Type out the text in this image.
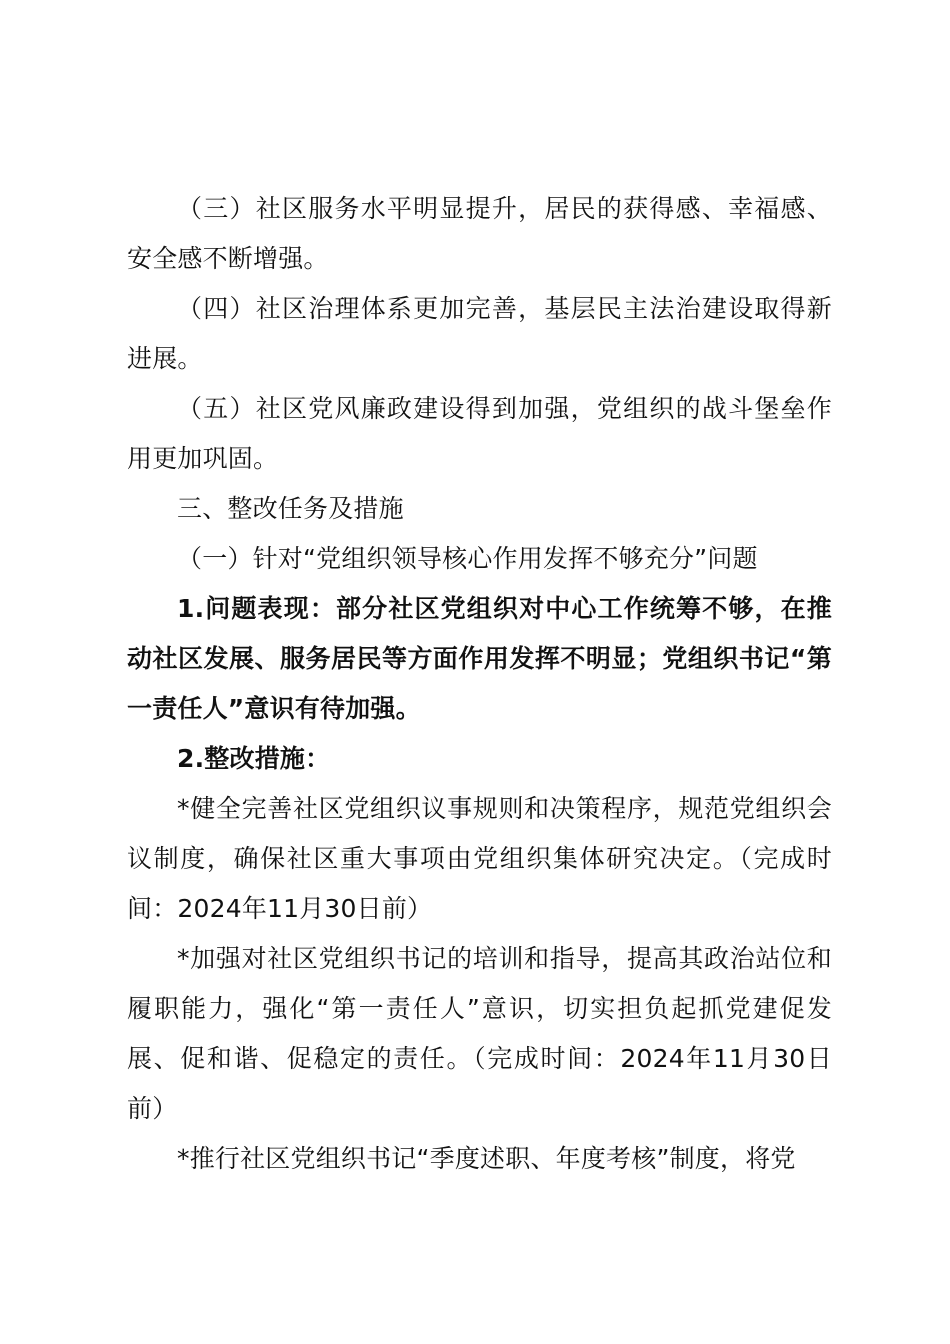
（三）社区服务水平明显提升，居民的获得感、幸福感、安全感不断增强。

（四）社区治理体系更加完善，基层民主法治建设取得新进展。

（五）社区党风廉政建设得到加强，党组织的战斗堡垒作用更加巩固。

三、整改任务及措施

（一）针对“党组织领导核心作用发挥不够充分”问题

1.问题表现：部分社区党组织对中心工作统筹不够，在推动社区发展、服务居民等方面作用发挥不明显；党组织书记“第一责任人”意识有待加强。

2.整改措施：

*健全完善社区党组织议事规则和决策程序，规范党组织会议制度，确保社区重大事项由党组织集体研究决定。（完成时间：2024年11月30日前）

*加强对社区党组织书记的培训和指导，提高其政治站位和履职能力，强化“第一责任人”意识，切实担负起抓党建促发展、促和谐、促稳定的责任。（完成时间：2024年11月30日前）

*推行社区党组织书记“季度述职、年度考核”制度，将党
